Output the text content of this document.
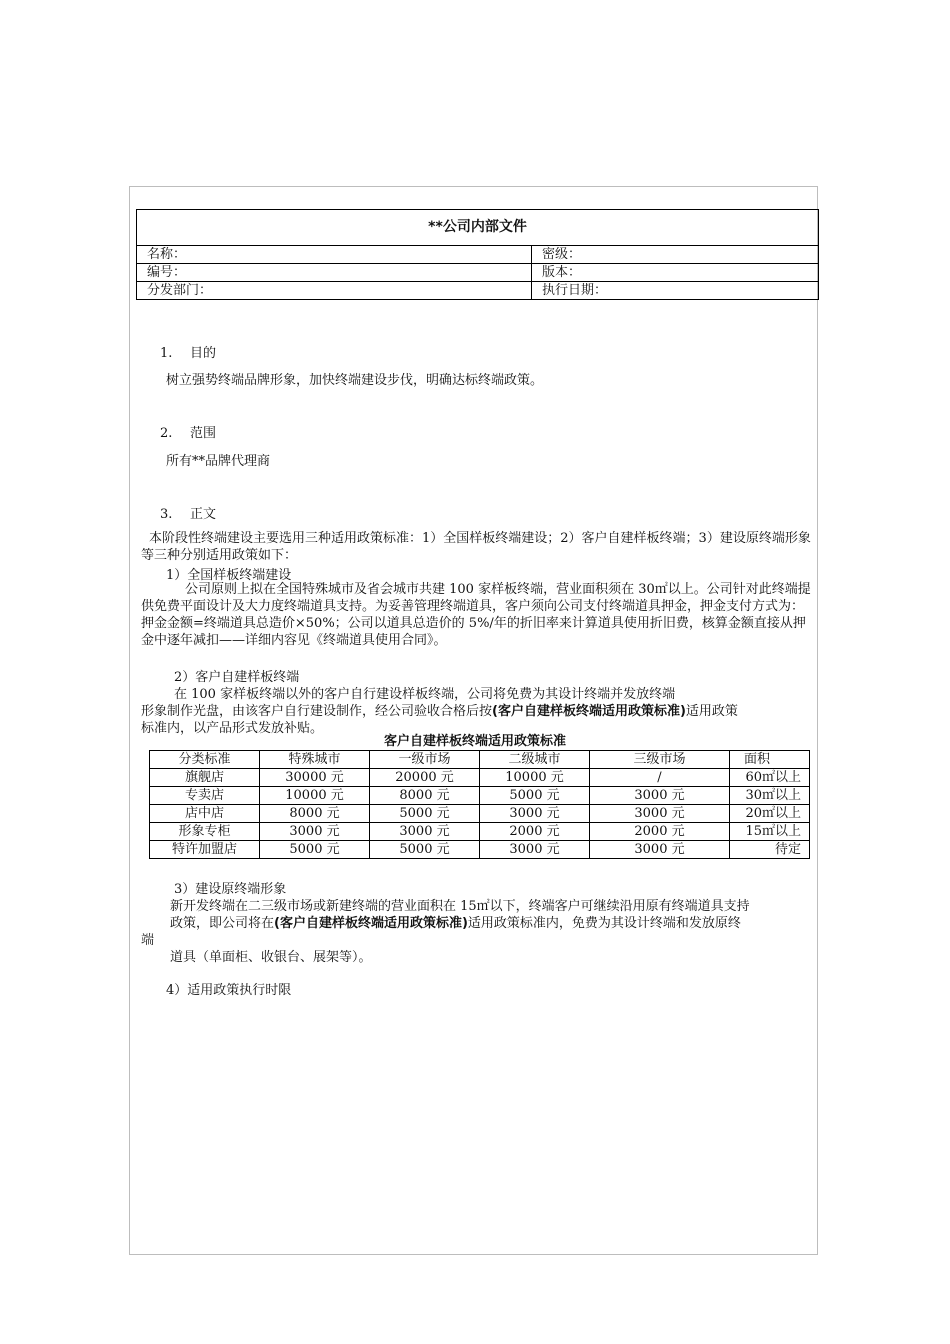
**公司内部文件	
名称：	密级：
编号：	版本：
分发部门：	执行日期：
1. 目的
树立强势终端品牌形象，加快终端建设步伐，明确达标终端政策。
2. 范围
所有**品牌代理商
3. 正文
本阶段性终端建设主要选用三种适用政策标准：1）全国样板终端建设；2）客户自建样板终端；3）建设原终端形象等三种分别适用政策如下：
1）全国样板终端建设
公司原则上拟在全国特殊城市及省会城市共建 100 家样板终端，营业面积须在 30㎡以上。公司针对此终端提供免费平面设计及大力度终端道具支持。为妥善管理终端道具，客户须向公司支付终端道具押金，押金支付方式为：押金金额=终端道具总造价×50%；公司以道具总造价的 5%/年的折旧率来计算道具使用折旧费，核算金额直接从押金中逐年减扣——详细内容见《终端道具使用合同》。
2）客户自建样板终端
在 100 家样板终端以外的客户自行建设样板终端，公司将免费为其设计终端并发放终端
形象制作光盘，由该客户自行建设制作，经公司验收合格后按(客户自建样板终端适用政策标准)适用政策
标准内，以产品形式发放补贴。
客户自建样板终端适用政策标准
分类标准	特殊城市	一级市场	二级城市	三级市场	面积
旗舰店	30000 元	20000 元	10000 元	/	60㎡以上
专卖店	10000 元	8000 元	5000 元	3000 元	30㎡以上
店中店	8000 元	5000 元	3000 元	3000 元	20㎡以上
形象专柜	3000 元	3000 元	2000 元	2000 元	15㎡以上
特许加盟店	5000 元	5000 元	3000 元	3000 元	待定
3）建设原终端形象
新开发终端在二三级市场或新建终端的营业面积在 15㎡以下，终端客户可继续沿用原有终端道具支持
政策，即公司将在(客户自建样板终端适用政策标准)适用政策标准内，免费为其设计终端和发放原终
端
道具（单面柜、收银台、展架等）。
4）适用政策执行时限
